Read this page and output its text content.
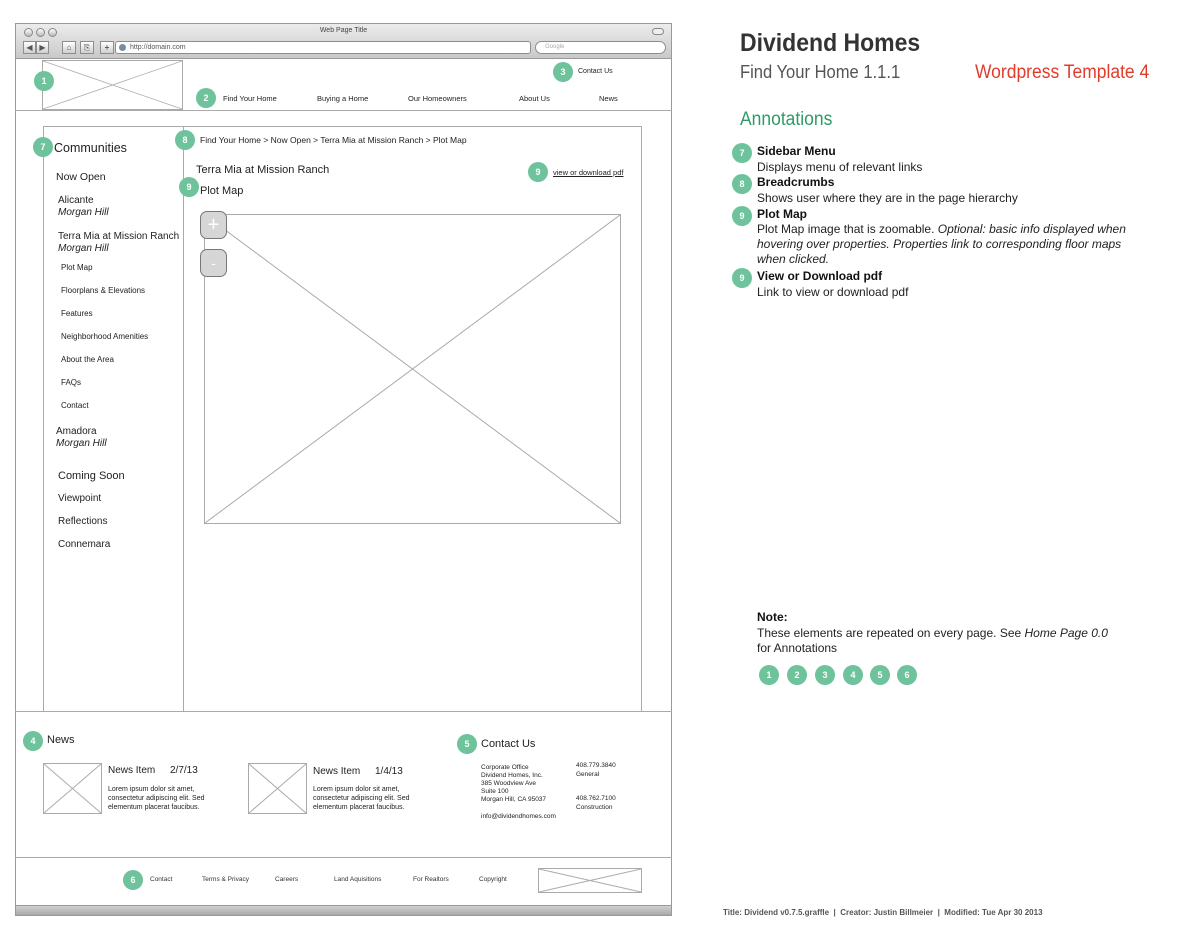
Web Page Title
◀ ▶	⌂	⎘	+	http://domain.com	Google
1
3	Contact Us
2	Find Your Home	Buying a Home	Our Homeowners	About Us	News
7 Communities
Now Open
Alicante
Morgan Hill
Terra Mia at Mission Ranch
Morgan Hill
Plot Map
Floorplans & Elevations
Features
Neighborhood Amenities
About the Area
FAQs
Contact
Amadora
Morgan Hill
Coming Soon
Viewpoint
Reflections
Connemara
8	Find Your Home > Now Open > Terra Mia at Mission Ranch > Plot Map
Terra Mia at Mission Ranch	9	view or download pdf
9 Plot Map
+
-
4	News
News Item 2/7/13
Lorem ipsum dolor sit amet,
consectetur adipiscing elit. Sed
elementum placerat faucibus.
News Item 1/4/13
Lorem ipsum dolor sit amet,
consectetur adipiscing elit. Sed
elementum placerat faucibus.
5	Contact Us
Corporate Office
Dividend Homes, Inc.
385 Woodview Ave
Suite 100
Morgan Hill, CA 95037
info@dividendhomes.com
408.779.3840
General
408.762.7100
Construction
6	Contact	Terms & Privacy	Careers	Land Aquisitions	For Realtors	Copyright
Dividend Homes
Find Your Home 1.1.1	Wordpress Template 4
Annotations
7	Sidebar Menu
Displays menu of relevant links
8	Breadcrumbs
Shows user where they are in the page hierarchy
9	Plot Map
Plot Map image that is zoomable. Optional: basic info displayed when hovering over properties. Properties link to corresponding floor maps when clicked.
9	View or Download pdf
Link to view or download pdf
Note:
These elements are repeated on every page. See Home Page 0.0
for Annotations
1	2	3	4	5	6
Title: Dividend v0.7.5.graffle  |  Creator: Justin Billmeier  |  Modified: Tue Apr 30 2013
